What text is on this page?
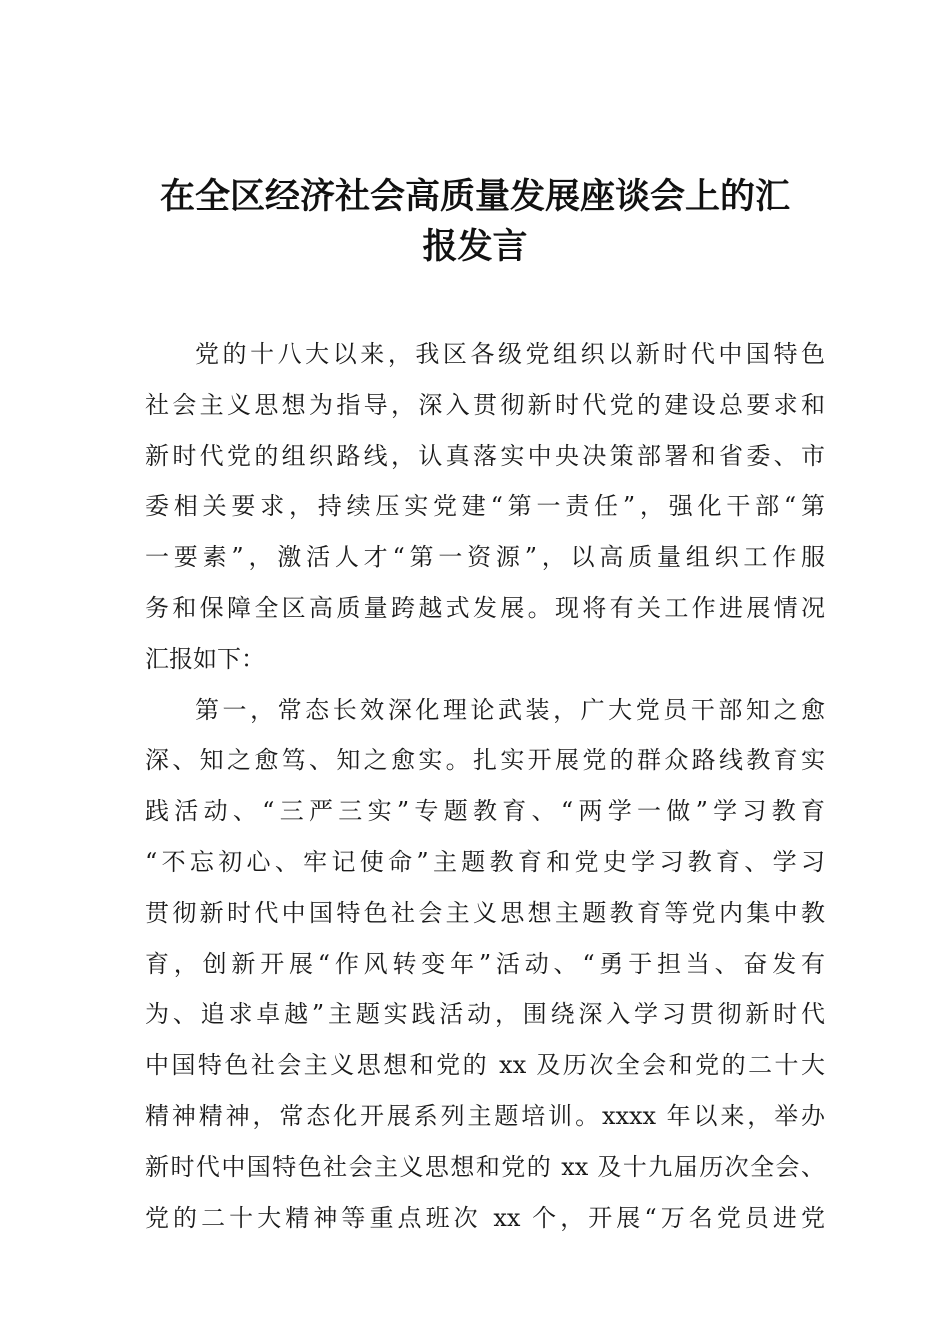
在全区经济社会高质量发展座谈会上的汇
报发言
党的十八大以来，我区各级党组织以新时代中国特色
社会主义思想为指导，深入贯彻新时代党的建设总要求和
新时代党的组织路线，认真落实中央决策部署和省委、市
委相关要求，持续压实党建“第一责任”，强化干部“第
一要素”，激活人才“第一资源”，以高质量组织工作服
务和保障全区高质量跨越式发展。现将有关工作进展情况
汇报如下：
第一，常态长效深化理论武装，广大党员干部知之愈
深、知之愈笃、知之愈实。扎实开展党的群众路线教育实
践活动、“三严三实”专题教育、“两学一做”学习教育
“不忘初心、牢记使命”主题教育和党史学习教育、学习
贯彻新时代中国特色社会主义思想主题教育等党内集中教
育，创新开展“作风转变年”活动、“勇于担当、奋发有
为、追求卓越”主题实践活动，围绕深入学习贯彻新时代
中国特色社会主义思想和党的 xx 及历次全会和党的二十大
精神精神，常态化开展系列主题培训。xxxx 年以来，举办
新时代中国特色社会主义思想和党的 xx 及十九届历次全会、
党的二十大精神等重点班次 xx 个，开展“万名党员进党
